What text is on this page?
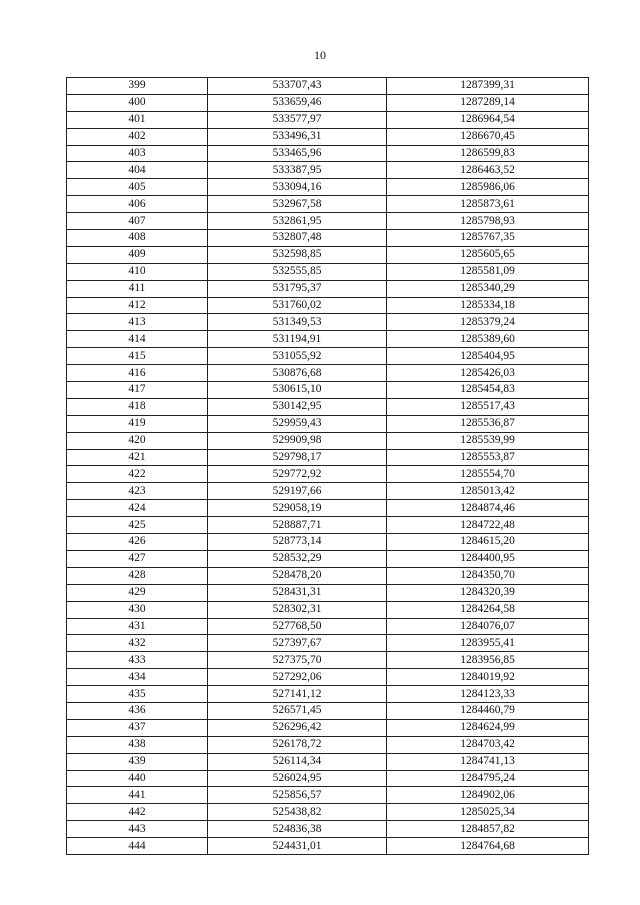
10
399	533707,43	1287399,31
400	533659,46	1287289,14
401	533577,97	1286964,54
402	533496,31	1286670,45
403	533465,96	1286599,83
404	533387,95	1286463,52
405	533094,16	1285986,06
406	532967,58	1285873,61
407	532861,95	1285798,93
408	532807,48	1285767,35
409	532598,85	1285605,65
410	532555,85	1285581,09
411	531795,37	1285340,29
412	531760,02	1285334,18
413	531349,53	1285379,24
414	531194,91	1285389,60
415	531055,92	1285404,95
416	530876,68	1285426,03
417	530615,10	1285454,83
418	530142,95	1285517,43
419	529959,43	1285536,87
420	529909,98	1285539,99
421	529798,17	1285553,87
422	529772,92	1285554,70
423	529197,66	1285013,42
424	529058,19	1284874,46
425	528887,71	1284722,48
426	528773,14	1284615,20
427	528532,29	1284400,95
428	528478,20	1284350,70
429	528431,31	1284320,39
430	528302,31	1284264,58
431	527768,50	1284076,07
432	527397,67	1283955,41
433	527375,70	1283956,85
434	527292,06	1284019,92
435	527141,12	1284123,33
436	526571,45	1284460,79
437	526296,42	1284624,99
438	526178,72	1284703,42
439	526114,34	1284741,13
440	526024,95	1284795,24
441	525856,57	1284902,06
442	525438,82	1285025,34
443	524836,38	1284857,82
444	524431,01	1284764,68
